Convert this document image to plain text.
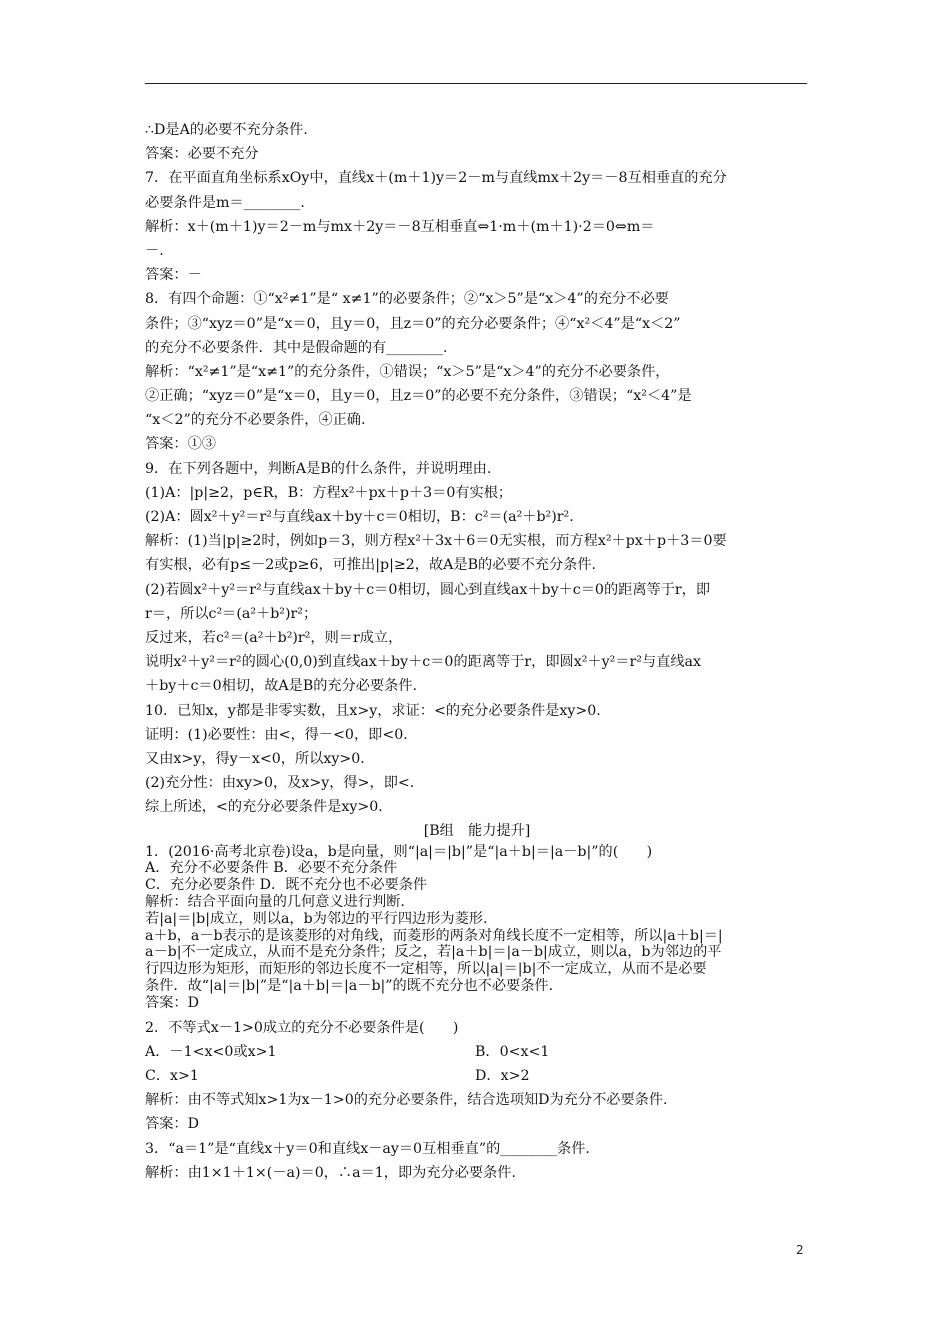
∴D是A的必要不充分条件.
答案：必要不充分
7．在平面直角坐标系xOy中，直线x＋(m＋1)y＝2－m与直线mx＋2y＝－8互相垂直的充分
必要条件是m＝________.
解析：x＋(m＋1)y＝2－m与mx＋2y＝－8互相垂直⇔1·m＋(m＋1)·2＝0⇔m＝
－.
答案：－
8．有四个命题：①“x²≠1”是“ x≠1”的必要条件；②“x＞5”是“x＞4”的充分不必要
条件；③“xyz＝0”是“x＝0，且y＝0，且z＝0”的充分必要条件；④“x²＜4”是“x＜2”
的充分不必要条件．其中是假命题的有________.
解析：“x²≠1”是“x≠1”的充分条件，①错误；“x＞5”是“x＞4”的充分不必要条件，
②正确；“xyz＝0”是“x＝0，且y＝0，且z＝0”的必要不充分条件，③错误；“x²＜4”是
“x＜2”的充分不必要条件，④正确.
答案：①③
9．在下列各题中，判断A是B的什么条件，并说明理由.
(1)A：|p|≥2，p∈R，B：方程x²＋px＋p＋3＝0有实根；
(2)A：圆x²＋y²＝r²与直线ax＋by＋c＝0相切，B：c²＝(a²＋b²)r².
解析：(1)当|p|≥2时，例如p＝3，则方程x²＋3x＋6＝0无实根，而方程x²＋px＋p＋3＝0要
有实根，必有p≤－2或p≥6，可推出|p|≥2，故A是B的必要不充分条件.
(2)若圆x²＋y²＝r²与直线ax＋by＋c＝0相切，圆心到直线ax＋by＋c＝0的距离等于r，即
r＝，所以c²＝(a²＋b²)r²；
反过来，若c²＝(a²＋b²)r²，则＝r成立，
说明x²＋y²＝r²的圆心(0,0)到直线ax＋by＋c＝0的距离等于r，即圆x²＋y²＝r²与直线ax
＋by＋c＝0相切，故A是B的充分必要条件.
10．已知x，y都是非零实数，且x>y，求证：<的充分必要条件是xy>0.
证明：(1)必要性：由<，得－<0，即<0.
又由x>y，得y－x<0，所以xy>0.
(2)充分性：由xy>0，及x>y，得>，即<.
综上所述，<的充分必要条件是xy>0.
[B组　能力提升]
1．(2016·高考北京卷)设a，b是向量，则“|a|＝|b|”是“|a＋b|＝|a－b|”的(　　)
A．充分不必要条件 B．必要不充分条件
C．充分必要条件 D．既不充分也不必要条件
解析：结合平面向量的几何意义进行判断.
若|a|＝|b|成立，则以a，b为邻边的平行四边形为菱形.
a＋b，a－b表示的是该菱形的对角线，而菱形的两条对角线长度不一定相等，所以|a＋b|＝|
a－b|不一定成立，从而不是充分条件；反之，若|a＋b|＝|a－b|成立，则以a，b为邻边的平
行四边形为矩形，而矩形的邻边长度不一定相等，所以|a|＝|b|不一定成立，从而不是必要
条件．故“|a|＝|b|”是“|a＋b|＝|a－b|”的既不充分也不必要条件.
答案：D
2．不等式x－1>0成立的充分不必要条件是(　　)
A．－1<x<0或x>1	B．0<x<1
C．x>1	D．x>2
解析：由不等式知x>1为x－1>0的充分必要条件，结合选项知D为充分不必要条件.
答案：D
3．“a＝1”是“直线x＋y＝0和直线x－ay＝0互相垂直”的________条件.
解析：由1×1＋1×(－a)＝0，∴a＝1，即为充分必要条件.
2
